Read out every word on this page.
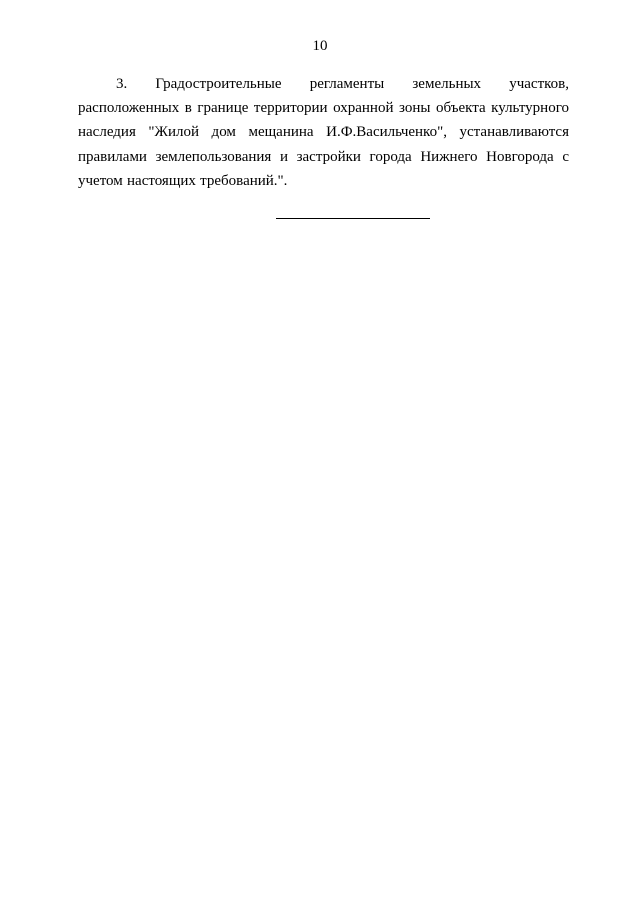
10

3. Градостроительные регламенты земельных участков, расположенных в границе территории охранной зоны объекта культурного наследия "Жилой дом мещанина И.Ф.Васильченко", устанавливаются правилами землепользования и застройки города Нижнего Новгорода с учетом настоящих требований.".
